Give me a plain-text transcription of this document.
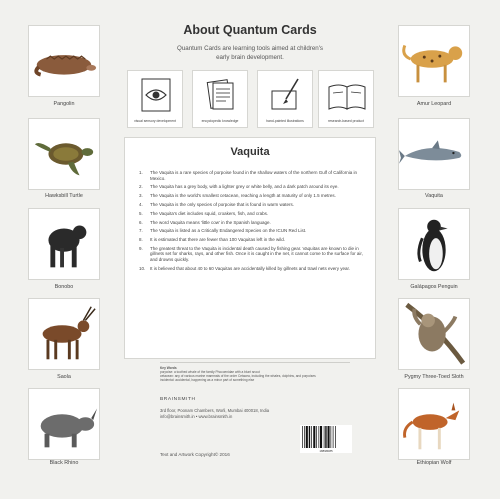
Pangolin
Hawksbill Turtle
Bonobo
Saola
Black Rhino
Amur Leopard
Vaquita
Galápagos Penguin
Pygmy Three-Toed Sloth
Ethiopian Wolf
About Quantum Cards
Quantum Cards are learning tools aimed at children's early brain development.
visual sensory development	encyclopedic knowledge	hand-painted illustrations	research-based product
Vaquita
1. The Vaquita is a rare species of porpoise found in the shallow waters of the northern Gulf of California in Mexico.
2. The Vaquita has a grey body, with a lighter grey or white belly, and a dark patch around its eye.
3. The Vaquita is the world's smallest cetacean, reaching a length at maturity of only 1.5 metres.
4. The Vaquita is the only species of porpoise that is found in warm waters.
5. The Vaquita's diet includes squid, croakers, fish, and crabs.
6. The word Vaquita means 'little cow' in the Spanish language.
7. The Vaquita is listed as a Critically Endangered Species on the ICUN Red List.
8. It is estimated that there are fewer than 100 Vaquitas left in the wild.
9. The greatest threat to the Vaquita is incidental death caused by fishing gear. Vaquitas are known to die in gillnets set for sharks, rays, and other fish. Once it is caught in the net, it cannot come to the surface for air, and drowns quickly.
10. It is believed that about 40 to 60 Vaquitas are accidentally killed by gillnets and trawl nets every year.
Key Words
porpoise: a toothed whale of the family Phocoenidae with a blunt snout
cetacean: any of various marine mammals of the order Cetacea, including the whales, dolphins, and porpoises
incidental: accidental, happening as a minor part of something else
BRAINSMITH
3rd floor, Poonam Chambers, Worli, Mumbai 400018, India
info@brainsmith.in • www.brainsmith.in
Text and Artwork Copyright© 2016
18898085
